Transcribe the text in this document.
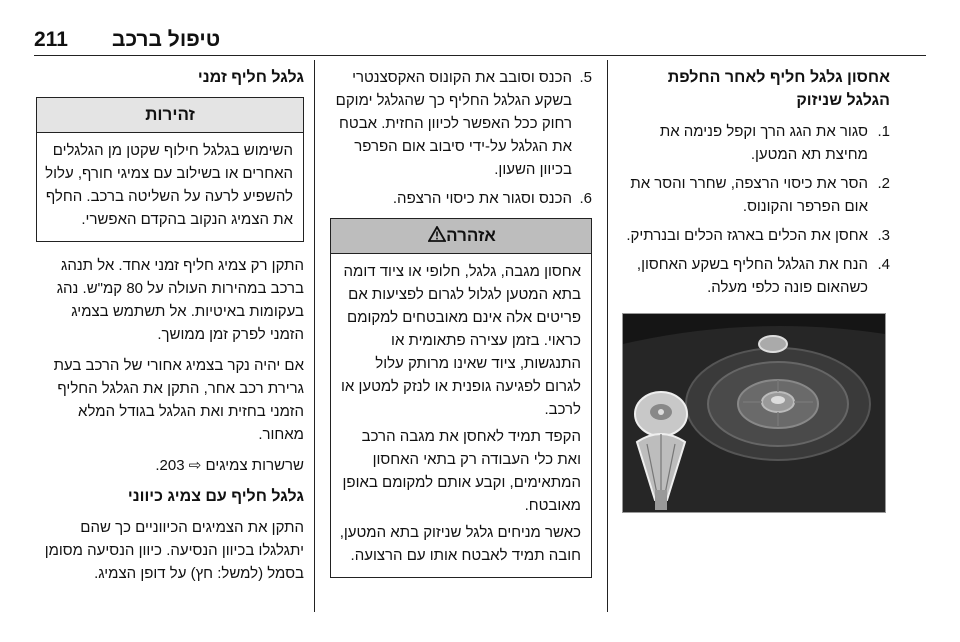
211 טיפול ברכב
אחסון גלגל חליף לאחר החלפת הגלגל שניזוק
1.
סגור את הגג הרך וקפל פנימה את מחיצת תא המטען.
2.
הסר את כיסוי הרצפה, שחרר והסר את אום הפרפר והקונוס.
3.
אחסן את הכלים בארגז הכלים ובנרתיק.
4.
הנח את הגלגל החליף בשקע האחסון, כשהאום פונה כלפי מעלה.
5.
הכנס וסובב את הקונוס האקסצנטרי בשקע הגלגל החליף כך שהגלגל ימוקם רחוק ככל האפשר לכיוון החזית. אבטח את הגלגל על-ידי סיבוב אום הפרפר בכיוון השעון.
6.
הכנס וסגור את כיסוי הרצפה.
אזהרה

אחסון מגבה, גלגל, חלופי או ציוד דומה בתא המטען לגלול לגרום לפציעות אם פריטים אלה אינם מאובטחים למקומם כראוי. בזמן עצירה פתאומית או התנגשות, ציוד שאינו מרותק עלול לגרום לפגיעה גופנית או לנזק למטען או לרכב.

הקפד תמיד לאחסן את מגבה הרכב ואת כלי העבודה רק בתאי האחסון המתאימים, וקבע אותם למקומם באופן מאובטח.

כאשר מניחים גלגל שניזוק בתא המטען, חובה תמיד לאבטח אותו עם הרצועה.

גלגל חליף זמני
זהירות

השימוש בגלגל חילוף שקטן מן הגלגלים האחרים או בשילוב עם צמיגי חורף, עלול להשפיע לרעה על השליטה ברכב. החלף את הצמיג הנקוב בהקדם האפשרי.

התקן רק צמיג חליף זמני אחד. אל תנהג ברכב במהירות העולה על 80 קמ"ש. נהג בעקומות באיטיות. אל תשתמש בצמיג הזמני לפרק זמן ממושך.

אם יהיה נקר בצמיג אחורי של הרכב בעת גרירת רכב אחר, התקן את הגלגל החליף הזמני בחזית ואת הגלגל בגודל המלא מאחור.

שרשרות צמיגים ⇨ 203.

גלגל חליף עם צמיג כיווני

התקן את הצמיגים הכיווניים כך שהם יתגלגלו בכיוון הנסיעה. כיוון הנסיעה מסומן בסמל (למשל: חץ) על דופן הצמיג.
